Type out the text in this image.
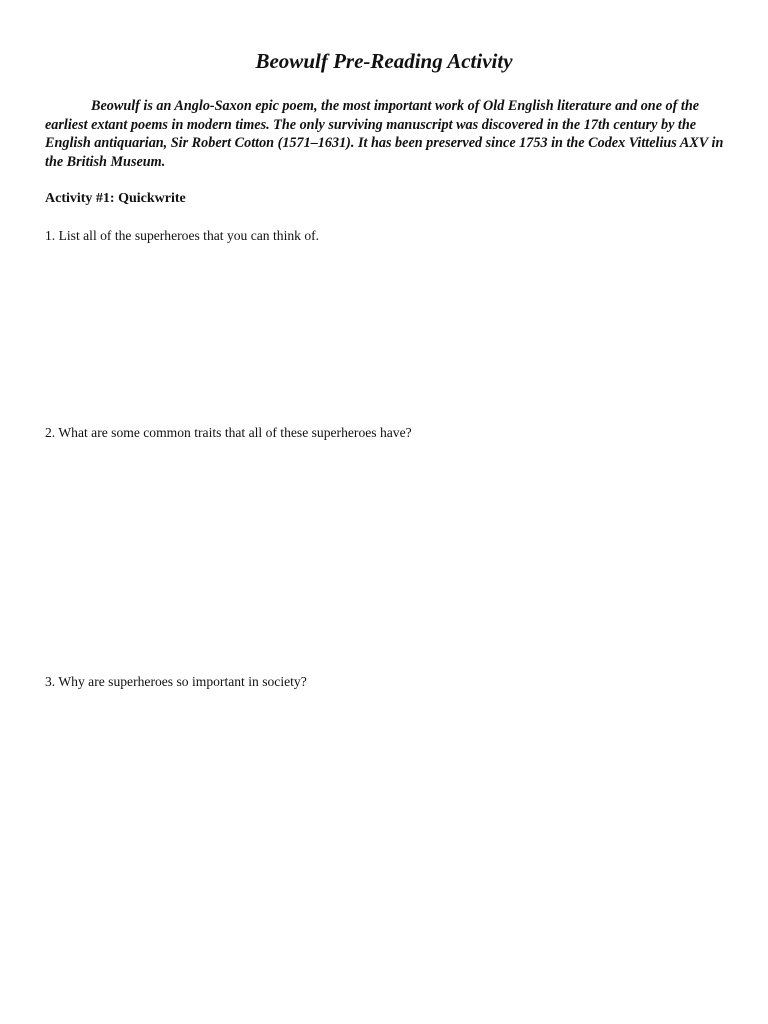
Beowulf Pre-Reading Activity

Beowulf is an Anglo-Saxon epic poem, the most important work of Old English literature and one of the earliest extant poems in modern times. The only surviving manuscript was discovered in the 17th century by the English antiquarian, Sir Robert Cotton (1571–1631). It has been preserved since 1753 in the Codex Vittelius AXV in the British Museum.

Activity #1: Quickwrite

1. List all of the superheroes that you can think of.

2. What are some common traits that all of these superheroes have?

3. Why are superheroes so important in society?
